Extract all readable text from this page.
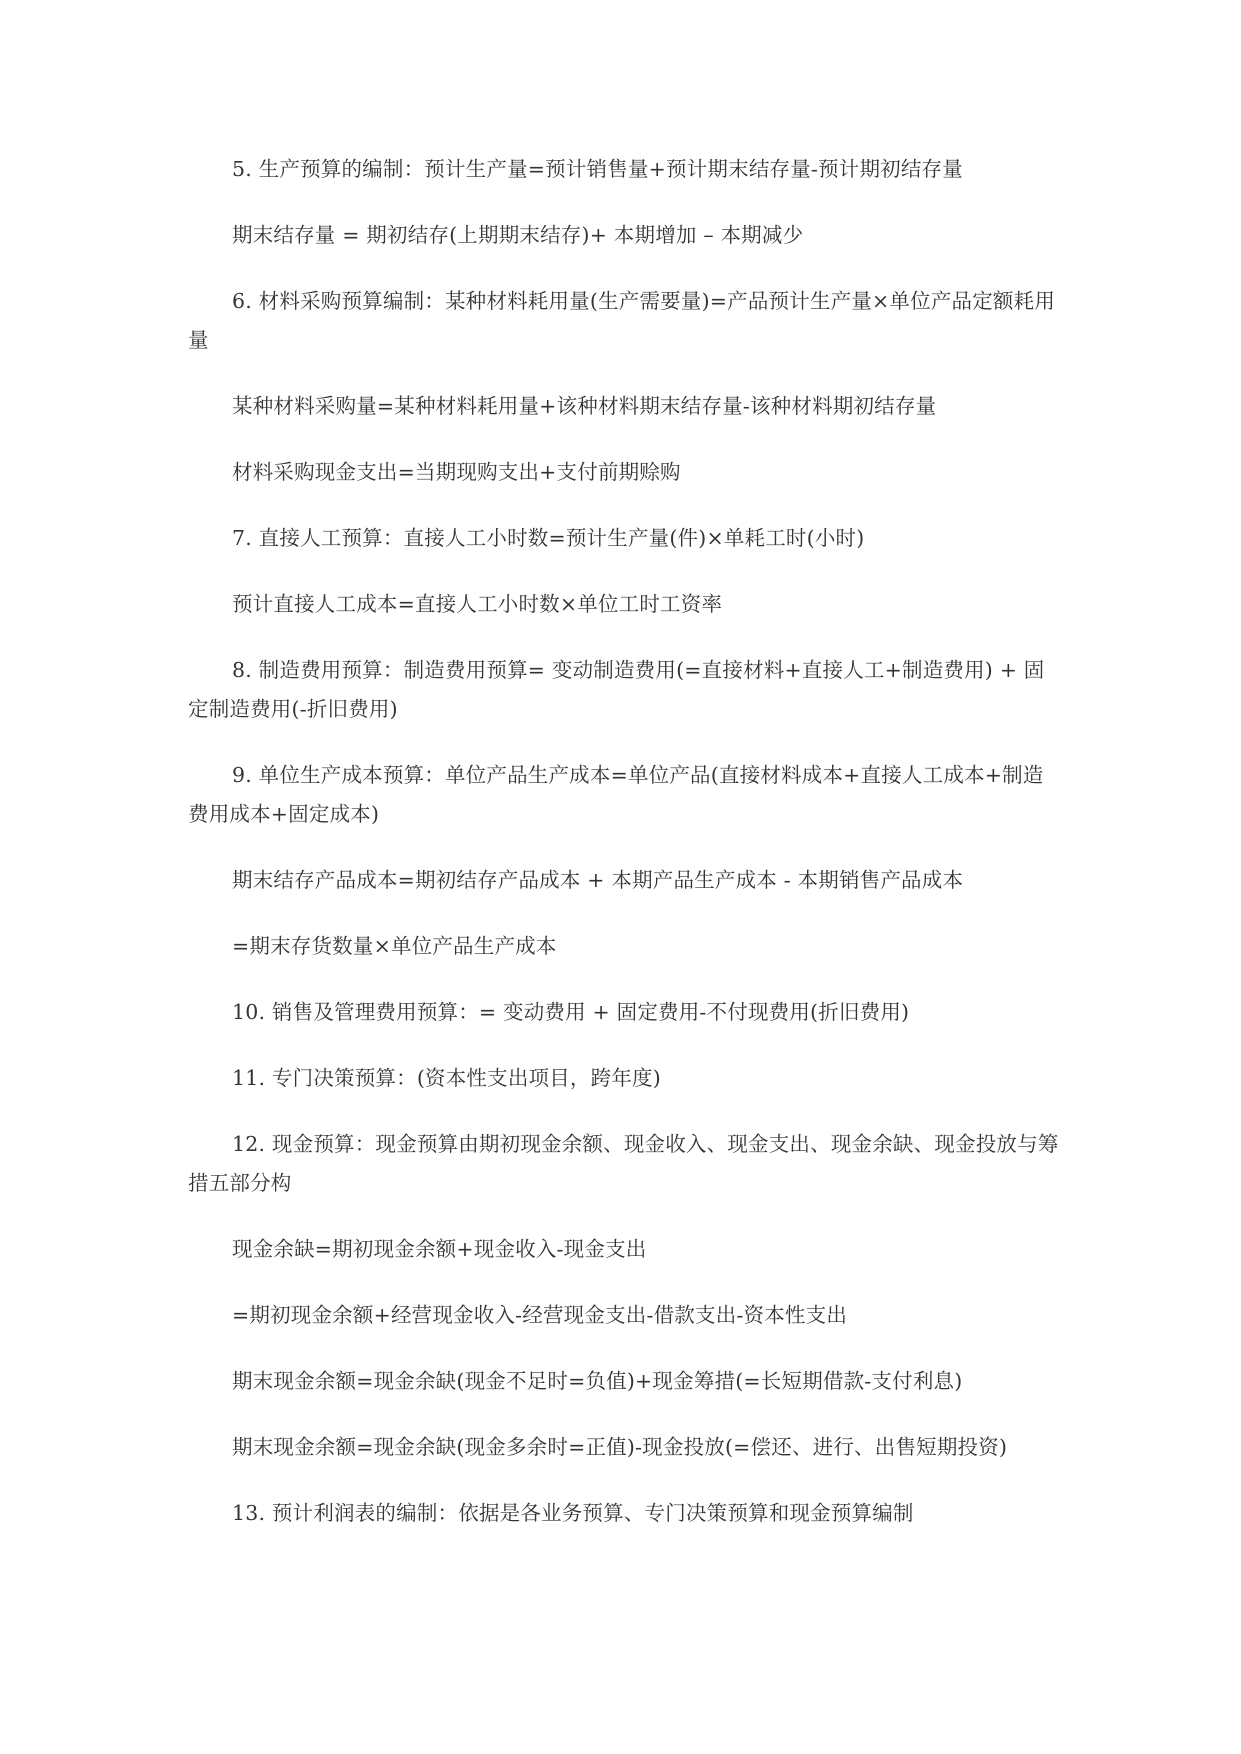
5. 生产预算的编制：预计生产量=预计销售量+预计期末结存量-预计期初结存量

期末结存量 = 期初结存(上期期末结存)+ 本期增加 – 本期减少

6. 材料采购预算编制：某种材料耗用量(生产需要量)=产品预计生产量×单位产品定额耗用量

某种材料采购量=某种材料耗用量+该种材料期末结存量-该种材料期初结存量

材料采购现金支出=当期现购支出+支付前期赊购

7. 直接人工预算：直接人工小时数=预计生产量(件)×单耗工时(小时)

预计直接人工成本=直接人工小时数×单位工时工资率

8. 制造费用预算：制造费用预算= 变动制造费用(=直接材料+直接人工+制造费用) + 固定制造费用(-折旧费用)

9. 单位生产成本预算：单位产品生产成本=单位产品(直接材料成本+直接人工成本+制造费用成本+固定成本)

期末结存产品成本=期初结存产品成本 + 本期产品生产成本 - 本期销售产品成本

=期末存货数量×单位产品生产成本

10. 销售及管理费用预算：= 变动费用 + 固定费用-不付现费用(折旧费用)

11. 专门决策预算：(资本性支出项目，跨年度)

12. 现金预算：现金预算由期初现金余额、现金收入、现金支出、现金余缺、现金投放与筹措五部分构

现金余缺=期初现金余额+现金收入-现金支出

=期初现金余额+经营现金收入-经营现金支出-借款支出-资本性支出

期末现金余额=现金余缺(现金不足时=负值)+现金筹措(=长短期借款-支付利息)

期末现金余额=现金余缺(现金多余时=正值)-现金投放(=偿还、进行、出售短期投资)

13. 预计利润表的编制：依据是各业务预算、专门决策预算和现金预算编制
